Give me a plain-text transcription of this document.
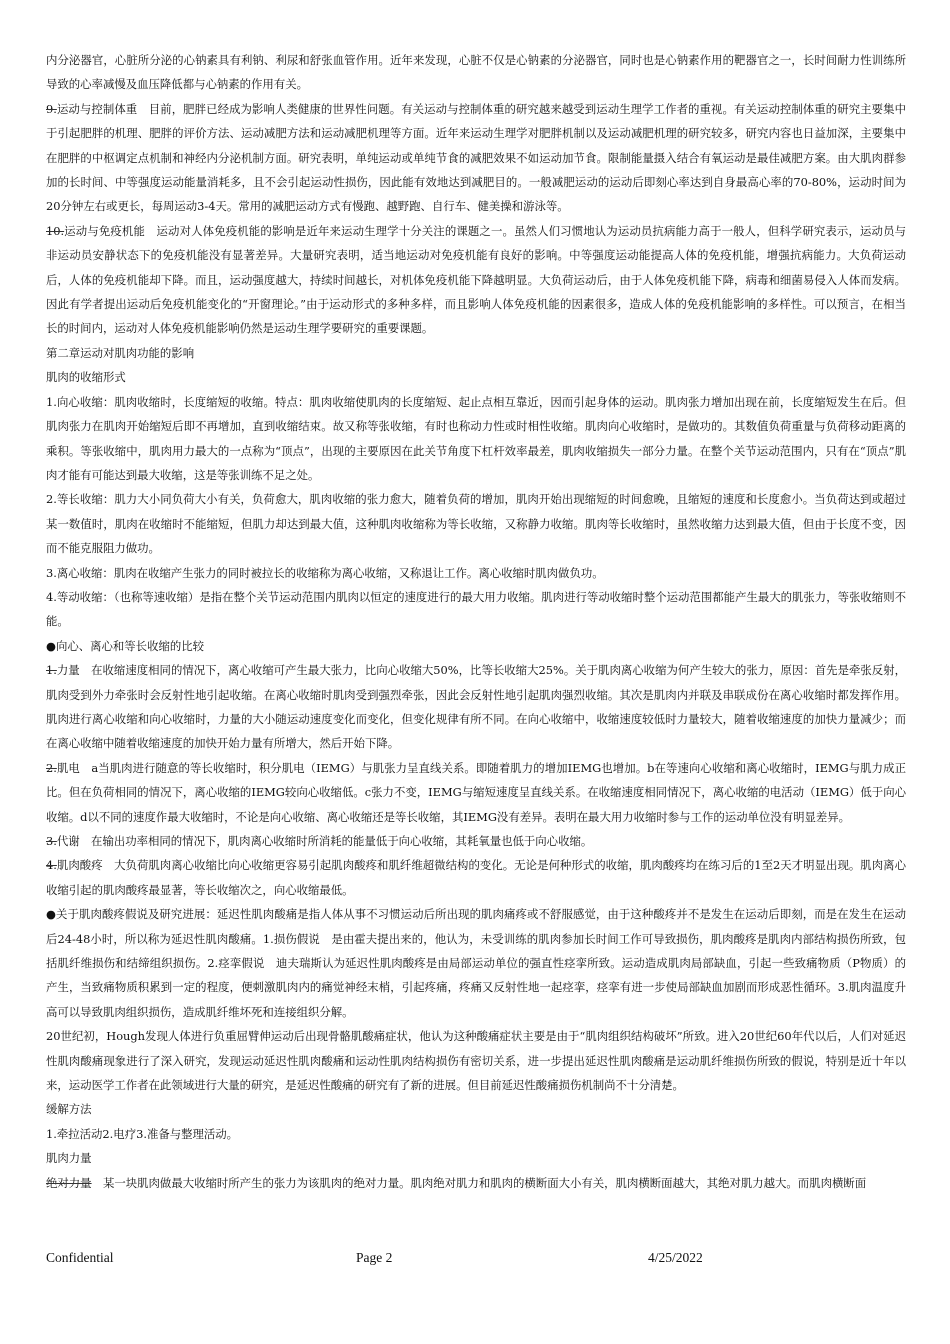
内分泌器官，心脏所分泌的心钠素具有利钠、利尿和舒张血管作用。近年来发现，心脏不仅是心钠素的分泌器官，同时也是心钠素作用的靶器官之一，长时间耐力性训练所导致的心率减慢及血压降低都与心钠素的作用有关。

9.运动与控制体重　目前，肥胖已经成为影响人类健康的世界性问题。有关运动与控制体重的研究越来越受到运动生理学工作者的重视。有关运动控制体重的研究主要集中于引起肥胖的机理、肥胖的评价方法、运动减肥方法和运动减肥机理等方面。近年来运动生理学对肥胖机制以及运动减肥机理的研究较多，研究内容也日益加深，主要集中在肥胖的中枢调定点机制和神经内分泌机制方面。研究表明，单纯运动或单纯节食的减肥效果不如运动加节食。限制能量摄入结合有氧运动是最佳减肥方案。由大肌肉群参加的长时间、中等强度运动能量消耗多，且不会引起运动性损伤，因此能有效地达到减肥目的。一般减肥运动的运动后即刻心率达到自身最高心率的70-80%，运动时间为20分钟左右或更长，每周运动3-4天。常用的减肥运动方式有慢跑、越野跑、自行车、健美操和游泳等。

10.运动与免疫机能　运动对人体免疫机能的影响是近年来运动生理学十分关注的课题之一。虽然人们习惯地认为运动员抗病能力高于一般人，但科学研究表示，运动员与非运动员安静状态下的免疫机能没有显著差异。大量研究表明，适当地运动对免疫机能有良好的影响。中等强度运动能提高人体的免疫机能，增强抗病能力。大负荷运动后，人体的免疫机能却下降。而且，运动强度越大，持续时间越长，对机体免疫机能下降越明显。大负荷运动后，由于人体免疫机能下降，病毒和细菌易侵入人体而发病。因此有学者提出运动后免疫机能变化的“开窗理论。”由于运动形式的多种多样，而且影响人体免疫机能的因素很多，造成人体的免疫机能影响的多样性。可以预言，在相当长的时间内，运动对人体免疫机能影响仍然是运动生理学要研究的重要课题。

第二章运动对肌肉功能的影响

肌肉的收缩形式

1.向心收缩：肌肉收缩时，长度缩短的收缩。特点：肌肉收缩使肌肉的长度缩短、起止点相互靠近，因而引起身体的运动。肌肉张力增加出现在前，长度缩短发生在后。但肌肉张力在肌肉开始缩短后即不再增加，直到收缩结束。故又称等张收缩，有时也称动力性或时相性收缩。肌肉向心收缩时，是做功的。其数值负荷重量与负荷移动距离的乘积。等张收缩中，肌肉用力最大的一点称为“顶点”，出现的主要原因在此关节角度下杠杆效率最差，肌肉收缩损失一部分力量。在整个关节运动范围内，只有在“顶点”肌肉才能有可能达到最大收缩，这是等张训练不足之处。

2.等长收缩：肌力大小同负荷大小有关，负荷愈大，肌肉收缩的张力愈大，随着负荷的增加，肌肉开始出现缩短的时间愈晚，且缩短的速度和长度愈小。当负荷达到或超过某一数值时，肌肉在收缩时不能缩短，但肌力却达到最大值，这种肌肉收缩称为等长收缩，又称静力收缩。肌肉等长收缩时，虽然收缩力达到最大值，但由于长度不变，因而不能克服阻力做功。

3.离心收缩：肌肉在收缩产生张力的同时被拉长的收缩称为离心收缩，又称退让工作。离心收缩时肌肉做负功。

4.等动收缩：（也称等速收缩）是指在整个关节运动范围内肌肉以恒定的速度进行的最大用力收缩。肌肉进行等动收缩时整个运动范围都能产生最大的肌张力，等张收缩则不能。

●向心、离心和等长收缩的比较

1.力量　在收缩速度相同的情况下，离心收缩可产生最大张力，比向心收缩大50%，比等长收缩大25%。关于肌肉离心收缩为何产生较大的张力，原因：首先是牵张反射，肌肉受到外力牵张时会反射性地引起收缩。在离心收缩时肌肉受到强烈牵张，因此会反射性地引起肌肉强烈收缩。其次是肌肉内并联及串联成份在离心收缩时都发挥作用。肌肉进行离心收缩和向心收缩时，力量的大小随运动速度变化而变化，但变化规律有所不同。在向心收缩中，收缩速度较低时力量较大，随着收缩速度的加快力量减少；而在离心收缩中随着收缩速度的加快开始力量有所增大，然后开始下降。

2.肌电　a当肌肉进行随意的等长收缩时，积分肌电（IEMG）与肌张力呈直线关系。即随着肌力的增加IEMG也增加。b在等速向心收缩和离心收缩时，IEMG与肌力成正比。但在负荷相同的情况下，离心收缩的IEMG较向心收缩低。c张力不变，IEMG与缩短速度呈直线关系。在收缩速度相同情况下，离心收缩的电活动（IEMG）低于向心收缩。d以不同的速度作最大收缩时，不论是向心收缩、离心收缩还是等长收缩，其IEMG没有差异。表明在最大用力收缩时参与工作的运动单位没有明显差异。

3.代谢　在输出功率相同的情况下，肌肉离心收缩时所消耗的能量低于向心收缩，其耗氧量也低于向心收缩。

4.肌肉酸疼　大负荷肌肉离心收缩比向心收缩更容易引起肌肉酸疼和肌纤维超微结构的变化。无论是何种形式的收缩，肌肉酸疼均在练习后的1至2天才明显出现。肌肉离心收缩引起的肌肉酸疼最显著，等长收缩次之，向心收缩最低。

●关于肌肉酸疼假说及研究进展：延迟性肌肉酸痛是指人体从事不习惯运动后所出现的肌肉痛疼或不舒服感觉，由于这种酸疼并不是发生在运动后即刻，而是在发生在运动后24-48小时，所以称为延迟性肌肉酸痛。1.损伤假说　是由霍夫提出来的，他认为，未受训练的肌肉参加长时间工作可导致损伤，肌肉酸疼是肌肉内部结构损伤所致，包括肌纤维损伤和结缔组织损伤。2.痉挛假说　迪夫瑞斯认为延迟性肌肉酸疼是由局部运动单位的强直性痉挛所致。运动造成肌肉局部缺血，引起一些致痛物质（P物质）的产生，当致痛物质积累到一定的程度，便刺激肌肉内的痛觉神经末梢，引起疼痛，疼痛又反射性地一起痉挛，痉挛有进一步使局部缺血加剧而形成恶性循环。3.肌肉温度升高可以导致肌肉组织损伤，造成肌纤维坏死和连接组织分解。

20世纪初，Hough发现人体进行负重屈臂伸运动后出现骨骼肌酸痛症状，他认为这种酸痛症状主要是由于“肌肉组织结构破坏”所致。进入20世纪60年代以后，人们对延迟性肌肉酸痛现象进行了深入研究，发现运动延迟性肌肉酸痛和运动性肌肉结构损伤有密切关系，进一步提出延迟性肌肉酸痛是运动肌纤维损伤所致的假说，特别是近十年以来，运动医学工作者在此领域进行大量的研究，是延迟性酸痛的研究有了新的进展。但目前延迟性酸痛损伤机制尚不十分清楚。

缓解方法

1.牵拉活动2.电疗3.准备与整理活动。

肌肉力量

绝对力量　某一块肌肉做最大收缩时所产生的张力为该肌肉的绝对力量。肌肉绝对肌力和肌肉的横断面大小有关，肌肉横断面越大，其绝对肌力越大。而肌肉横断面

Confidential	Page 2	4/25/2022
